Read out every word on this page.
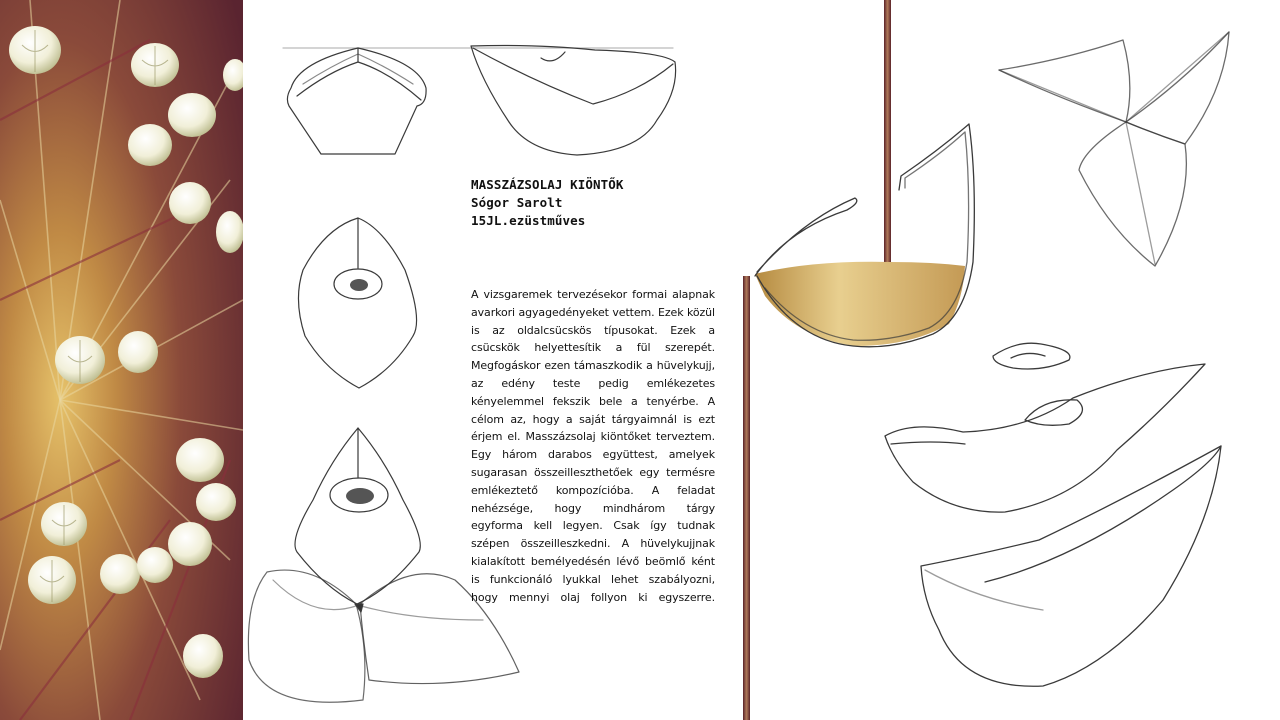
MASSZÁZSOLAJ KIÖNTŐK
Sógor Sarolt
15JL.ezüstműves
A vizsgaremek tervezésekor formai alapnak avarkori agyagedényeket vettem. Ezek közül is az oldalcsücskös típusokat. Ezek a csücskök helyettesítik a fül szerepét. Megfogáskor ezen támaszkodik a hüvelykujj, az edény teste pedig emlékezetes kényelemmel fekszik bele a tenyérbe. A célom az, hogy a saját tárgyaimnál is ezt érjem el. Masszázsolaj kiöntőket terveztem. Egy három darabos együttest, amelyek sugarasan összeilleszthetőek egy termésre emlékeztető kompozícióba. A feladat nehézsége, hogy mindhárom tárgy egyforma kell legyen. Csak így tudnak szépen összeilleszkedni. A hüvelykujjnak kialakított bemélyedésén lévő beömlő ként is funkcionáló lyukkal lehet szabályozni, hogy mennyi olaj follyon ki egyszerre.
